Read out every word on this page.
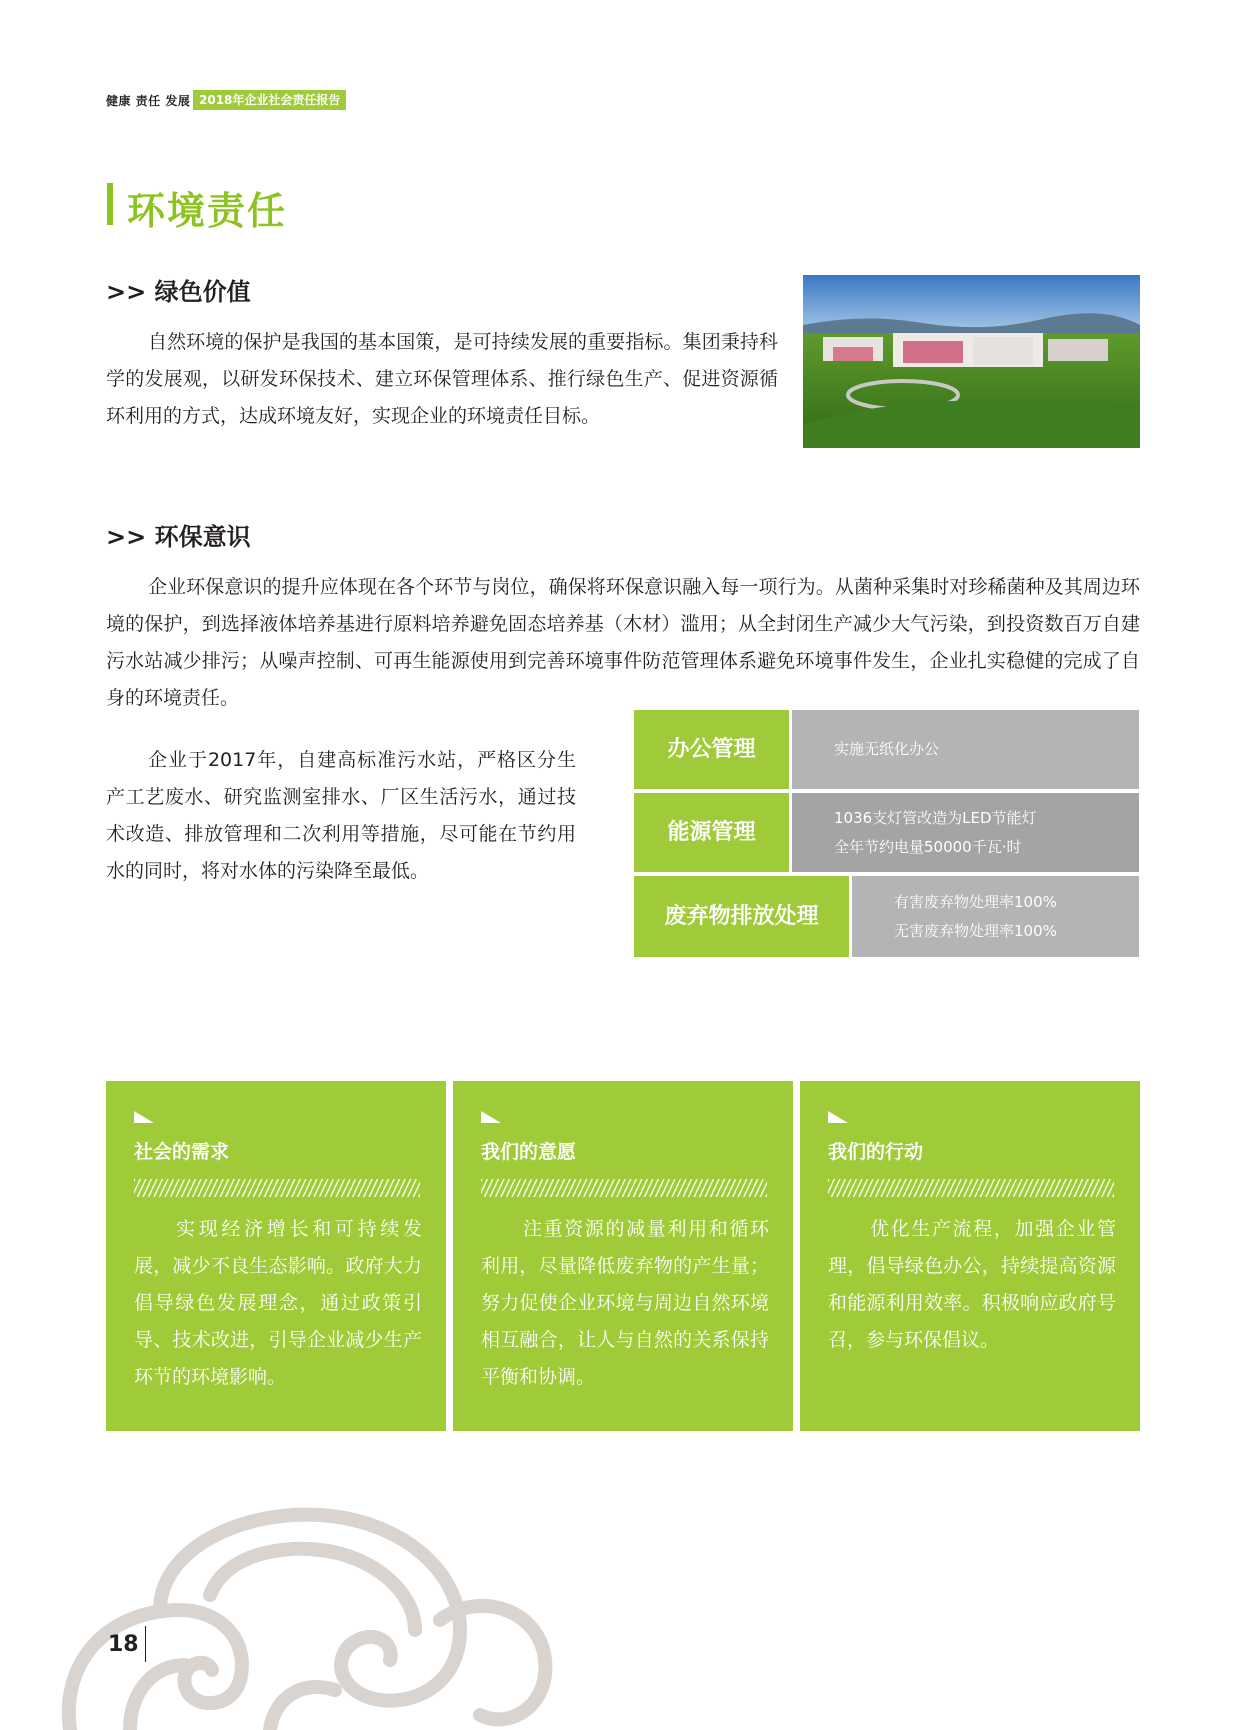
健康 责任 发展 2018年企业社会责任报告
环境责任
>> 绿色价值
自然环境的保护是我国的基本国策，是可持续发展的重要指标。集团秉持科学的发展观，以研发环保技术、建立环保管理体系、推行绿色生产、促进资源循环利用的方式，达成环境友好，实现企业的环境责任目标。
>> 环保意识
企业环保意识的提升应体现在各个环节与岗位，确保将环保意识融入每一项行为。从菌种采集时对珍稀菌种及其周边环境的保护，到选择液体培养基进行原料培养避免固态培养基（木材）滥用；从全封闭生产减少大气污染，到投资数百万自建污水站减少排污；从噪声控制、可再生能源使用到完善环境事件防范管理体系避免环境事件发生，企业扎实稳健的完成了自身的环境责任。
企业于2017年，自建高标准污水站，严格区分生产工艺废水、研究监测室排水、厂区生活污水，通过技术改造、排放管理和二次利用等措施，尽可能在节约用水的同时，将对水体的污染降至最低。
办公管理	实施无纸化办公
能源管理
1036支灯管改造为LED节能灯
全年节约电量50000千瓦·时
废弃物排放处理
有害废弃物处理率100%
无害废弃物处理率100%
社会的需求
实现经济增长和可持续发展，减少不良生态影响。政府大力倡导绿色发展理念，通过政策引导、技术改进，引导企业减少生产环节的环境影响。
我们的意愿
注重资源的减量利用和循环利用，尽量降低废弃物的产生量；努力促使企业环境与周边自然环境相互融合，让人与自然的关系保持平衡和协调。
我们的行动
优化生产流程，加强企业管理，倡导绿色办公，持续提高资源和能源利用效率。积极响应政府号召，参与环保倡议。
18
